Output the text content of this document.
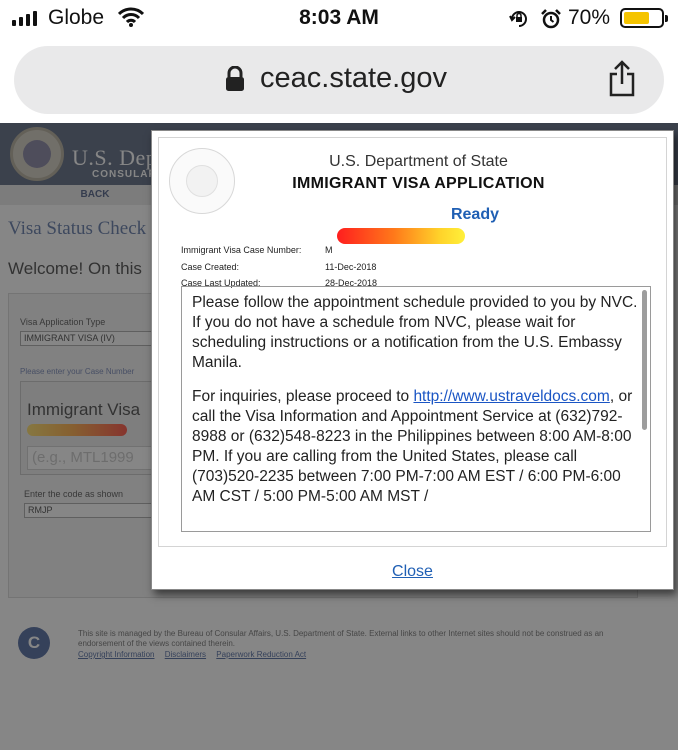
Globe	8:03 AM	70%
ceac.state.gov
U.S. Department of State
IMMIGRANT VISA APPLICATION
Ready
Immigrant Visa Case Number:	M
Case Created:	11-Dec-2018
Case Last Updated:	28-Dec-2018

Please follow the appointment schedule provided to you by NVC. If you do not have a schedule from NVC, please wait for scheduling instructions or a notification from the U.S. Embassy Manila.

For inquiries, please proceed to http://www.ustraveldocs.com, or call the Visa Information and Appointment Service at (632)792-8988 or (632)548-8223 in the Philippines between 8:00 AM-8:00 PM. If you are calling from the United States, please call (703)520-2235 between 7:00 PM-7:00 AM EST / 6:00 PM-6:00 AM CST / 5:00 PM-5:00 AM MST /

Close
